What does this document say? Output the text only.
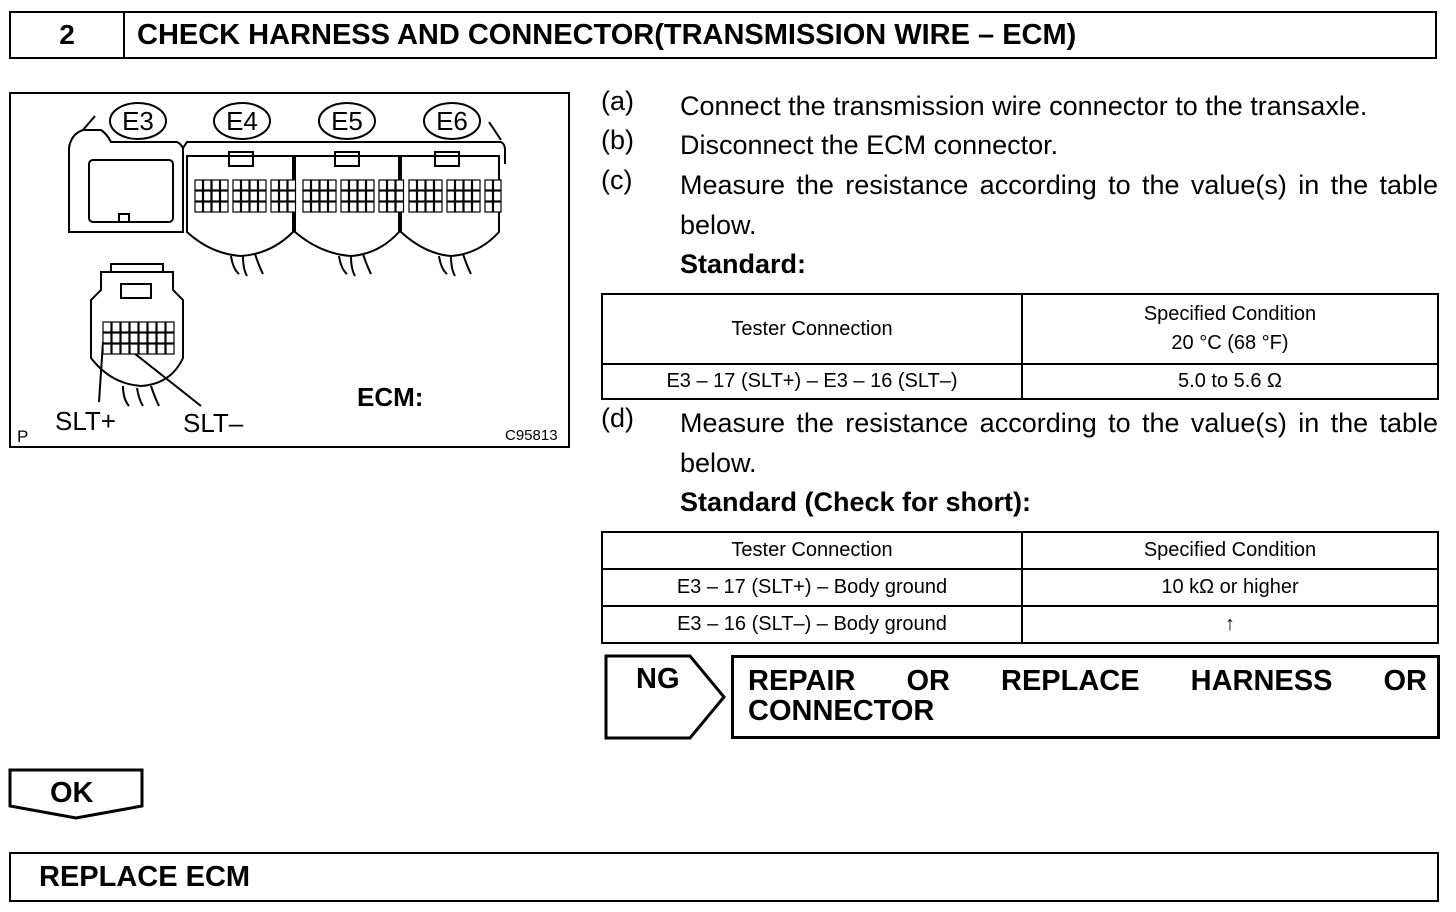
2	CHECK HARNESS AND CONNECTOR(TRANSMISSION WIRE – ECM)
E3	E4	E5	E6
SLT+	SLT–
ECM:
P	C95813
(a) Connect the transmission wire connector to the transaxle.
(b) Disconnect the ECM connector.
(c) Measure the resistance according to the value(s) in the table below.
Standard:
Tester Connection	Specified Condition
20 °C (68 °F)

E3 – 17 (SLT+) – E3 – 16 (SLT–)	5.0 to 5.6 Ω
(d) Measure the resistance according to the value(s) in the table below.
Standard (Check for short):
Tester Connection	Specified Condition
E3 – 17 (SLT+) – Body ground	10 kΩ or higher
E3 – 16 (SLT–) – Body ground	↑
NG REPAIR OR REPLACE HARNESS OR CONNECTOR
OK
REPLACE ECM
